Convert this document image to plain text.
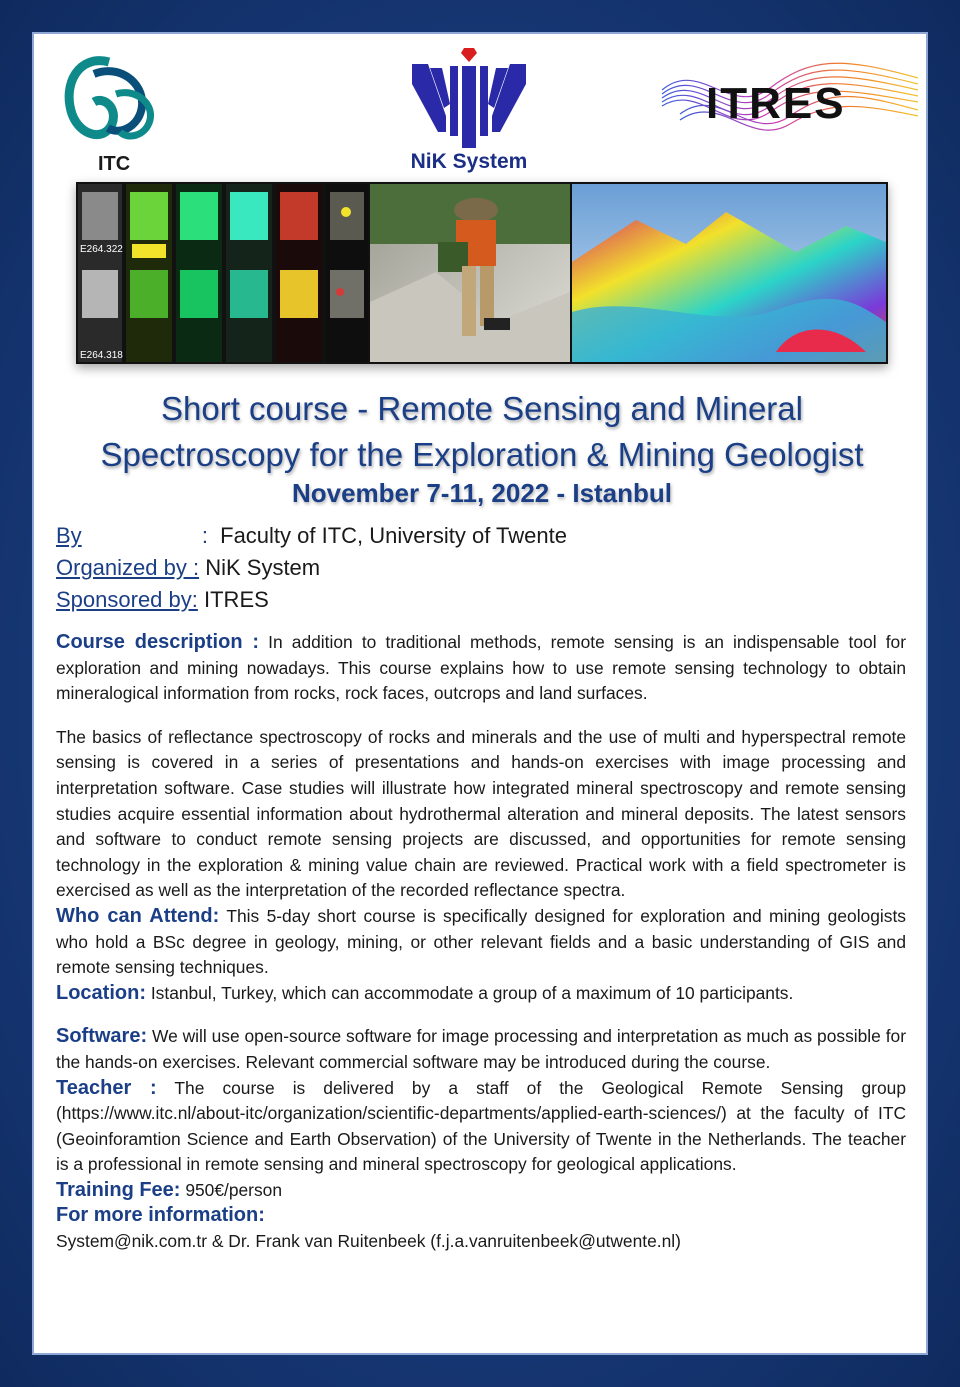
ITC	NiK System
ITRES
E264.322
E264.318
Short course - Remote Sensing and Mineral
Spectroscopy for the Exploration & Mining Geologist
November 7-11, 2022 - Istanbul
By	: Faculty of ITC, University of Twente
Organized by : NiK System
Sponsored by: ITRES

Course description : In addition to traditional methods, remote sensing is an indispensable tool for exploration and mining nowadays. This course explains how to use remote sensing technology to obtain mineralogical information from rocks, rock faces, outcrops and land surfaces.

The basics of reflectance spectroscopy of rocks and minerals and the use of multi and hyperspectral remote sensing is covered in a series of presentations and hands-on exercises with image processing and interpretation software. Case studies will illustrate how integrated mineral spectroscopy and remote sensing studies acquire essential information about hydrothermal alteration and mineral deposits. The latest sensors and software to conduct remote sensing projects are discussed, and opportunities for remote sensing technology in the exploration & mining value chain are reviewed. Practical work with a field spectrometer is exercised as well as the interpretation of the recorded reflectance spectra.

Who can Attend: This 5-day short course is specifically designed for exploration and mining geologists who hold a BSc degree in geology, mining, or other relevant fields and a basic understanding of GIS and remote sensing techniques.

Location: Istanbul, Turkey, which can accommodate a group of a maximum of 10 participants.

Software: We will use open-source software for image processing and interpretation as much as possible for the hands-on exercises. Relevant commercial software may be introduced during the course.

Teacher : The course is delivered by a staff of the Geological Remote Sensing group (https://www.itc.nl/about-itc/organization/scientific-departments/applied-earth-sciences/) at the faculty of ITC (Geoinforamtion Science and Earth Observation) of the University of Twente in the Netherlands. The teacher is a professional in remote sensing and mineral spectroscopy for geological applications.

Training Fee: 950€/person

For more information:

System@nik.com.tr & Dr. Frank van Ruitenbeek (f.j.a.vanruitenbeek@utwente.nl)
